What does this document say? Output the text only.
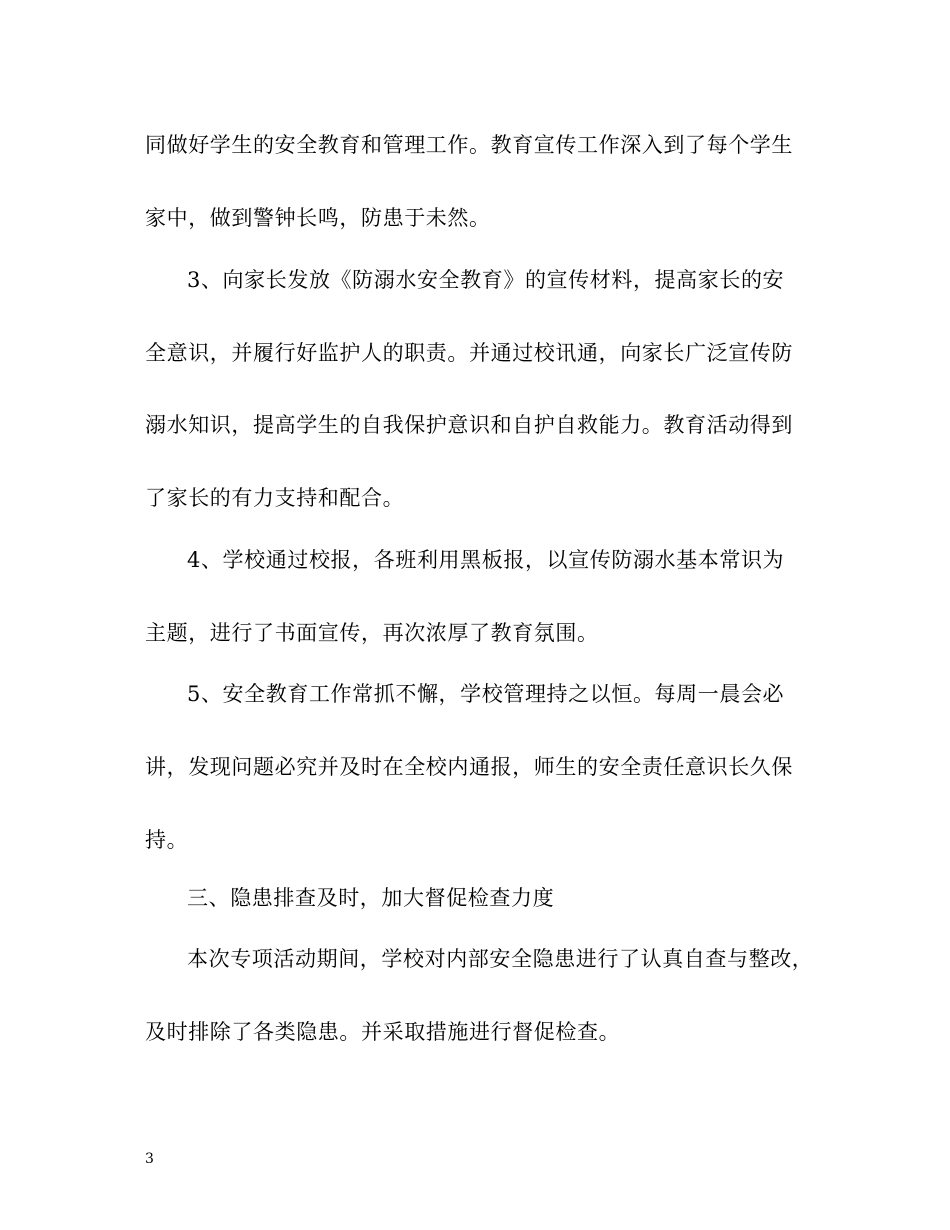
同做好学生的安全教育和管理工作。教育宣传工作深入到了每个学生
家中，做到警钟长鸣，防患于未然。
3、向家长发放《防溺水安全教育》的宣传材料，提高家长的安
全意识，并履行好监护人的职责。并通过校讯通，向家长广泛宣传防
溺水知识，提高学生的自我保护意识和自护自救能力。教育活动得到
了家长的有力支持和配合。
4、学校通过校报，各班利用黑板报，以宣传防溺水基本常识为
主题，进行了书面宣传，再次浓厚了教育氛围。
5、安全教育工作常抓不懈，学校管理持之以恒。每周一晨会必
讲，发现问题必究并及时在全校内通报，师生的安全责任意识长久保
持。
三、隐患排查及时，加大督促检查力度
本次专项活动期间，学校对内部安全隐患进行了认真自查与整改，
及时排除了各类隐患。并采取措施进行督促检查。
3
